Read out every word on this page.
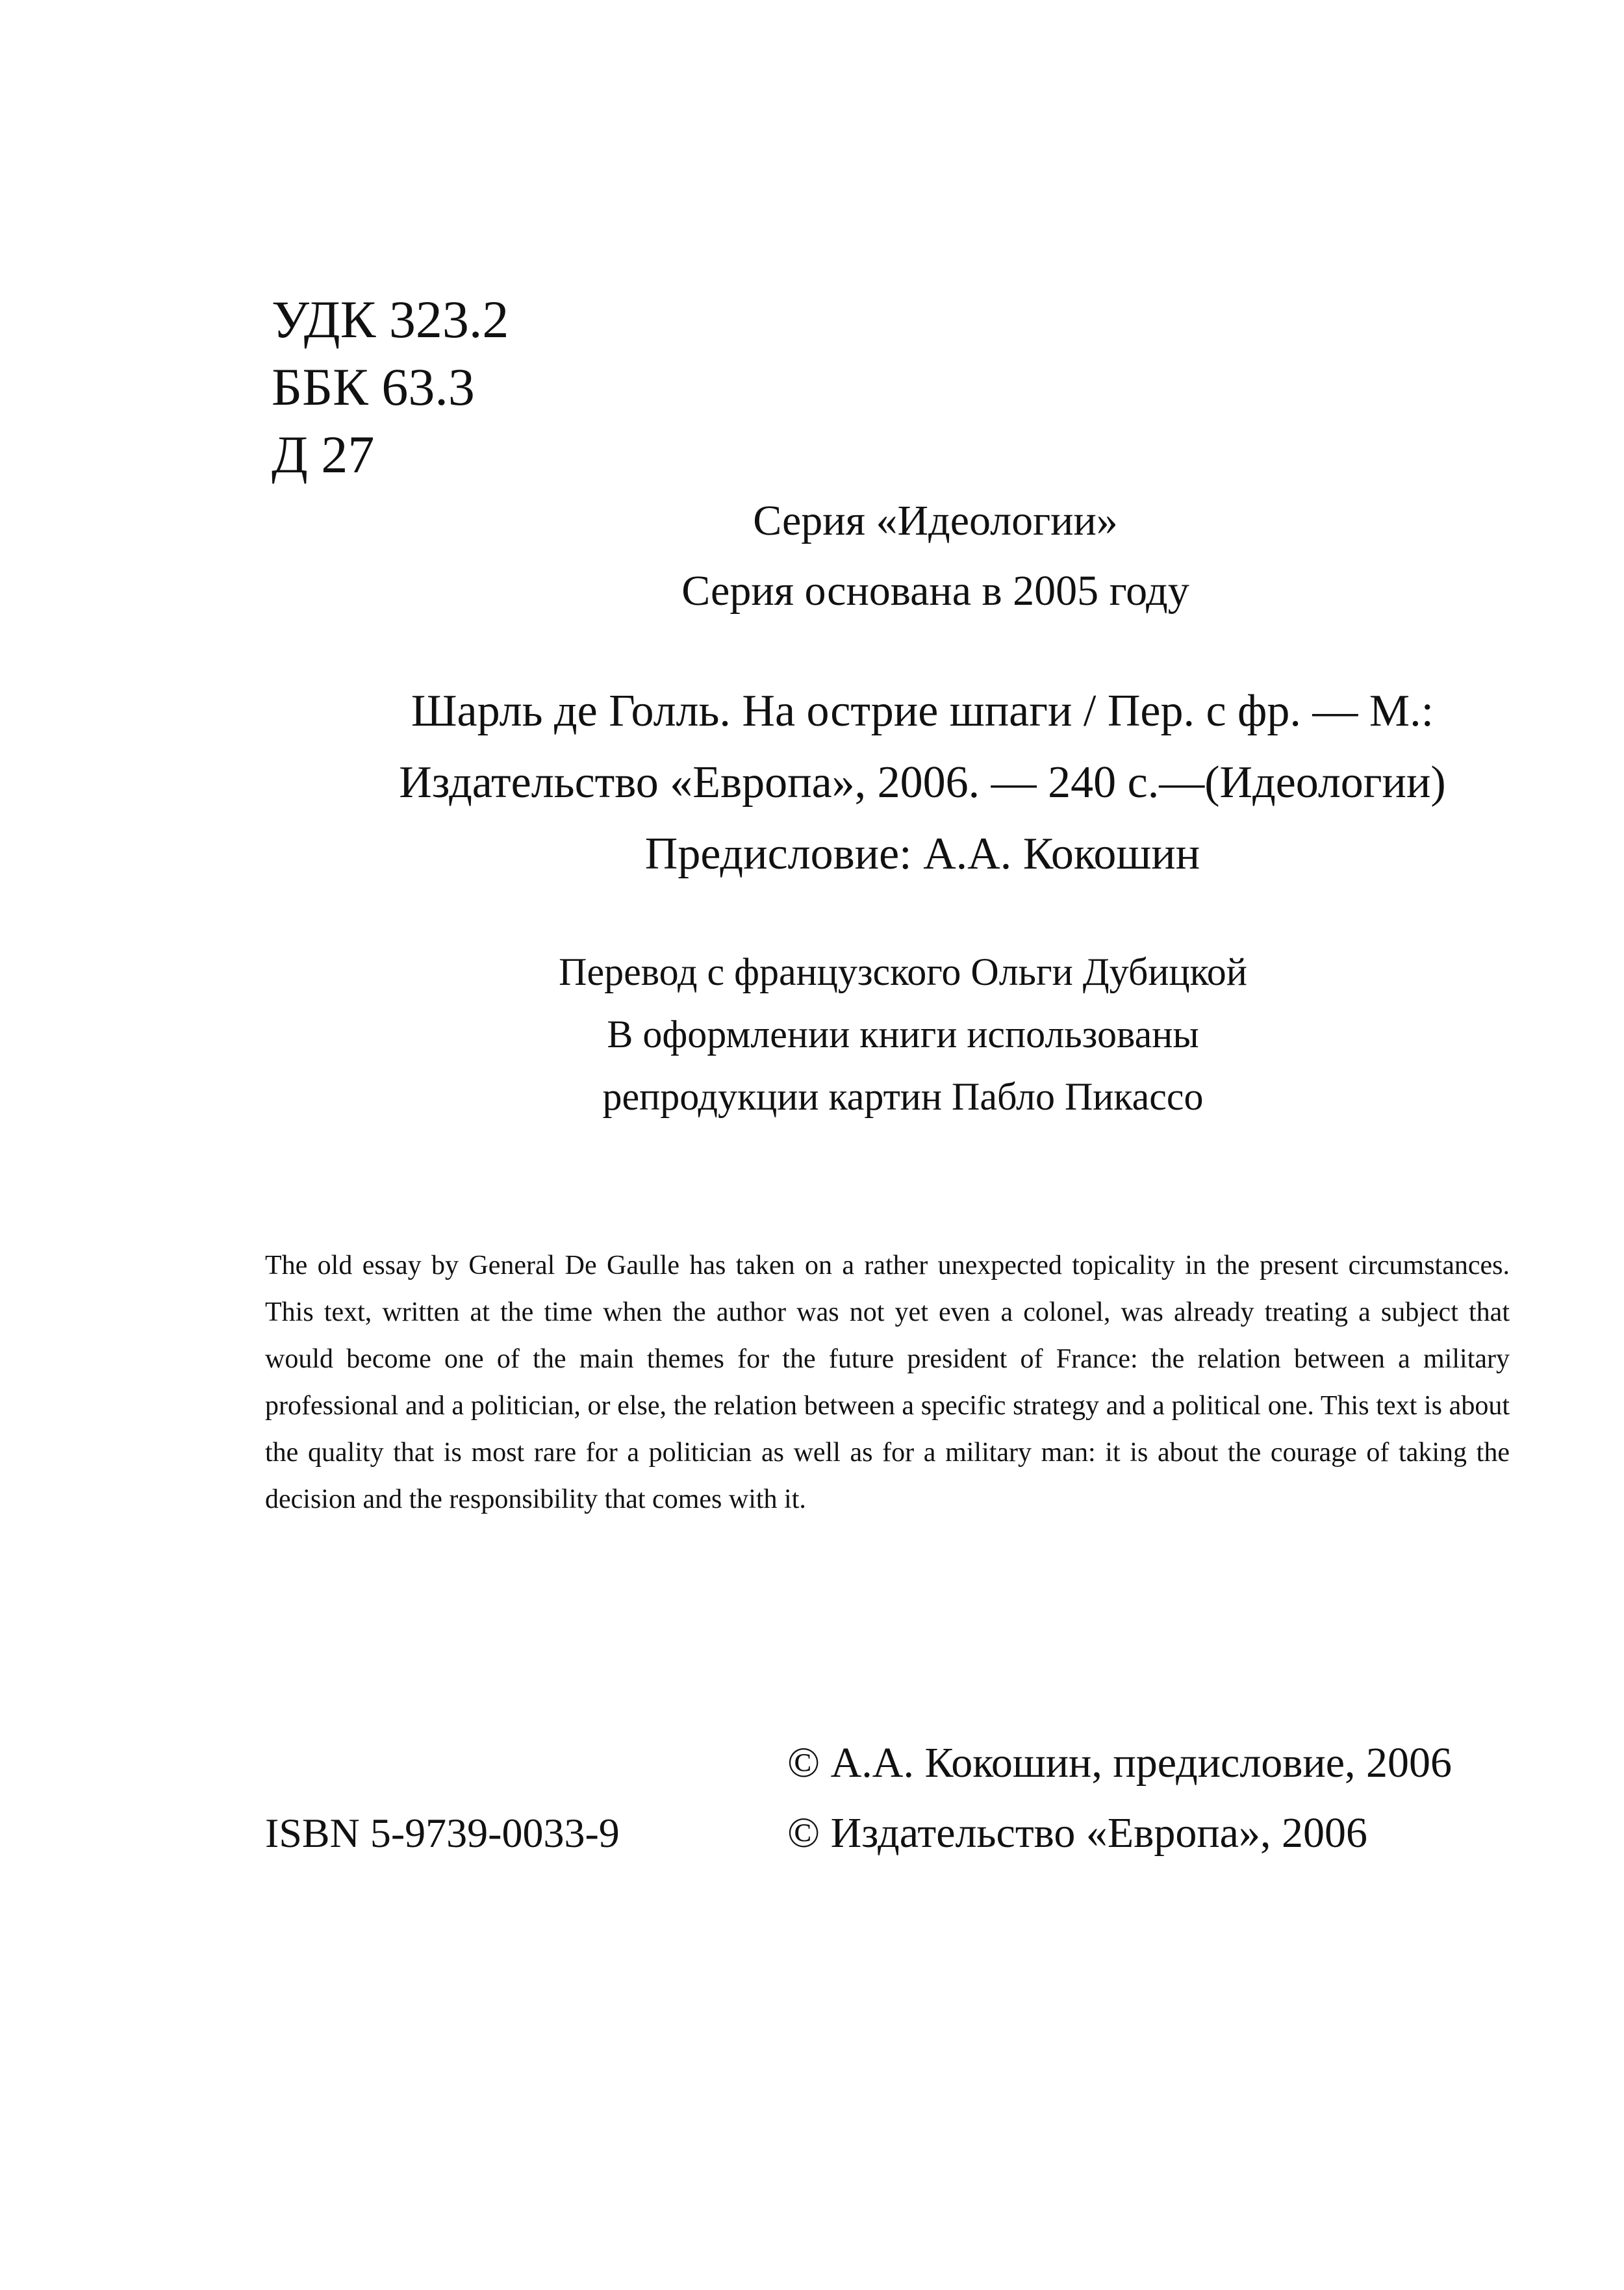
УДК 323.2
ББК 63.3
Д 27
Серия «Идеологии»
Серия основана в 2005 году
Шарль де Голль. На острие шпаги / Пер. с фр. — М.:
Издательство «Европа», 2006. — 240 с.—(Идеологии)
Предисловие: А.А. Кокошин
Перевод с французского Ольги Дубицкой
В оформлении книги использованы
репродукции картин Пабло Пикассо
The old essay by General De Gaulle has taken on a rather unexpected topicality in the present circumstances. This text, written at the time when the author was not yet even a colonel, was already treating a subject that would become one of the main themes for the future president of France: the relation between a military professional and a politician, or else, the relation between a specific strategy and a political one. This text is about the quality that is most rare for a politician as well as for a military man: it is about the courage of taking the decision and the responsibility that comes with it.
ISBN 5-9739-0033-9
© А.А. Кокошин, предисловие, 2006
© Издательство «Европа», 2006
